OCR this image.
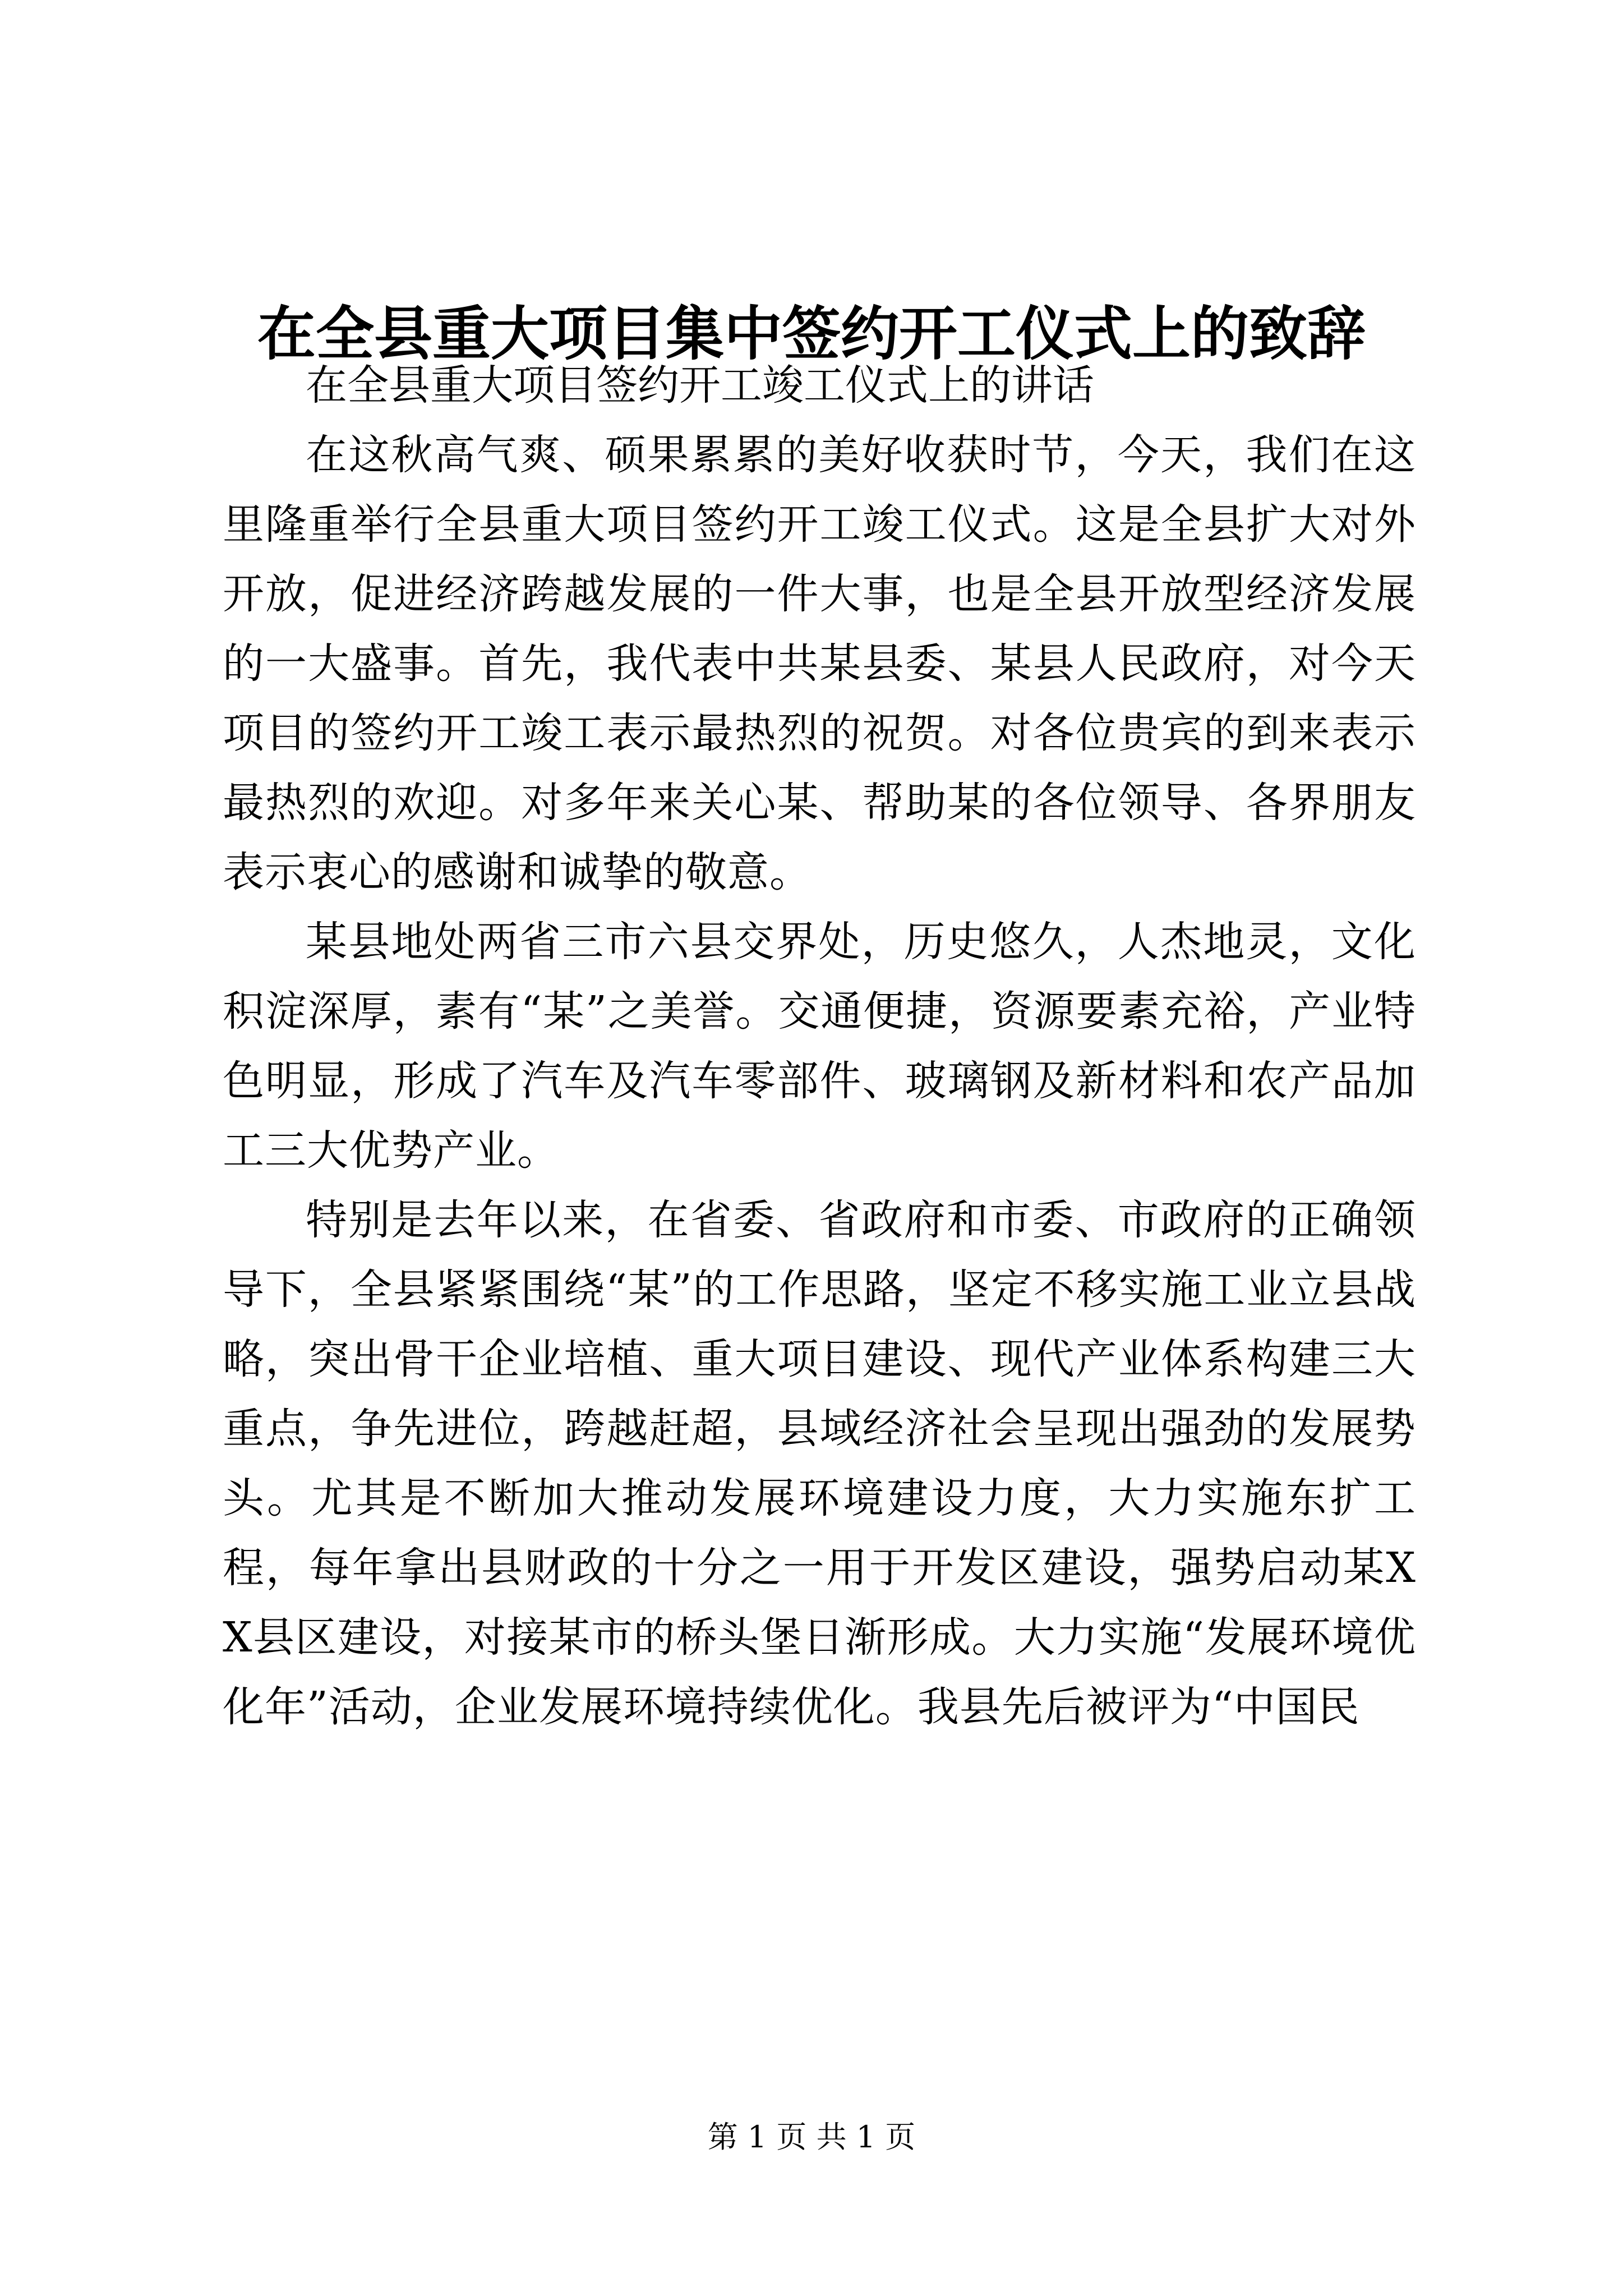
在全县重大项目集中签约开工仪式上的致辞

在全县重大项目签约开工竣工仪式上的讲话

在这秋高气爽、硕果累累的美好收获时节，今天，我们在这里隆重举行全县重大项目签约开工竣工仪式。这是全县扩大对外开放，促进经济跨越发展的一件大事，也是全县开放型经济发展的一大盛事。首先，我代表中共某县委、某县人民政府，对今天项目的签约开工竣工表示最热烈的祝贺。对各位贵宾的到来表示最热烈的欢迎。对多年来关心某、帮助某的各位领导、各界朋友表示衷心的感谢和诚挚的敬意。

某县地处两省三市六县交界处，历史悠久，人杰地灵，文化积淀深厚，素有“某”之美誉。交通便捷，资源要素充裕，产业特色明显，形成了汽车及汽车零部件、玻璃钢及新材料和农产品加工三大优势产业。

特别是去年以来，在省委、省政府和市委、市政府的正确领导下，全县紧紧围绕“某”的工作思路，坚定不移实施工业立县战略，突出骨干企业培植、重大项目建设、现代产业体系构建三大重点，争先进位，跨越赶超，县域经济社会呈现出强劲的发展势头。尤其是不断加大推动发展环境建设力度，大力实施东扩工程，每年拿出县财政的十分之一用于开发区建设，强势启动某XX县区建设，对接某市的桥头堡日渐形成。大力实施“发展环境优化年”活动，企业发展环境持续优化。我县先后被评为“中国民

第 1 页 共 1 页
